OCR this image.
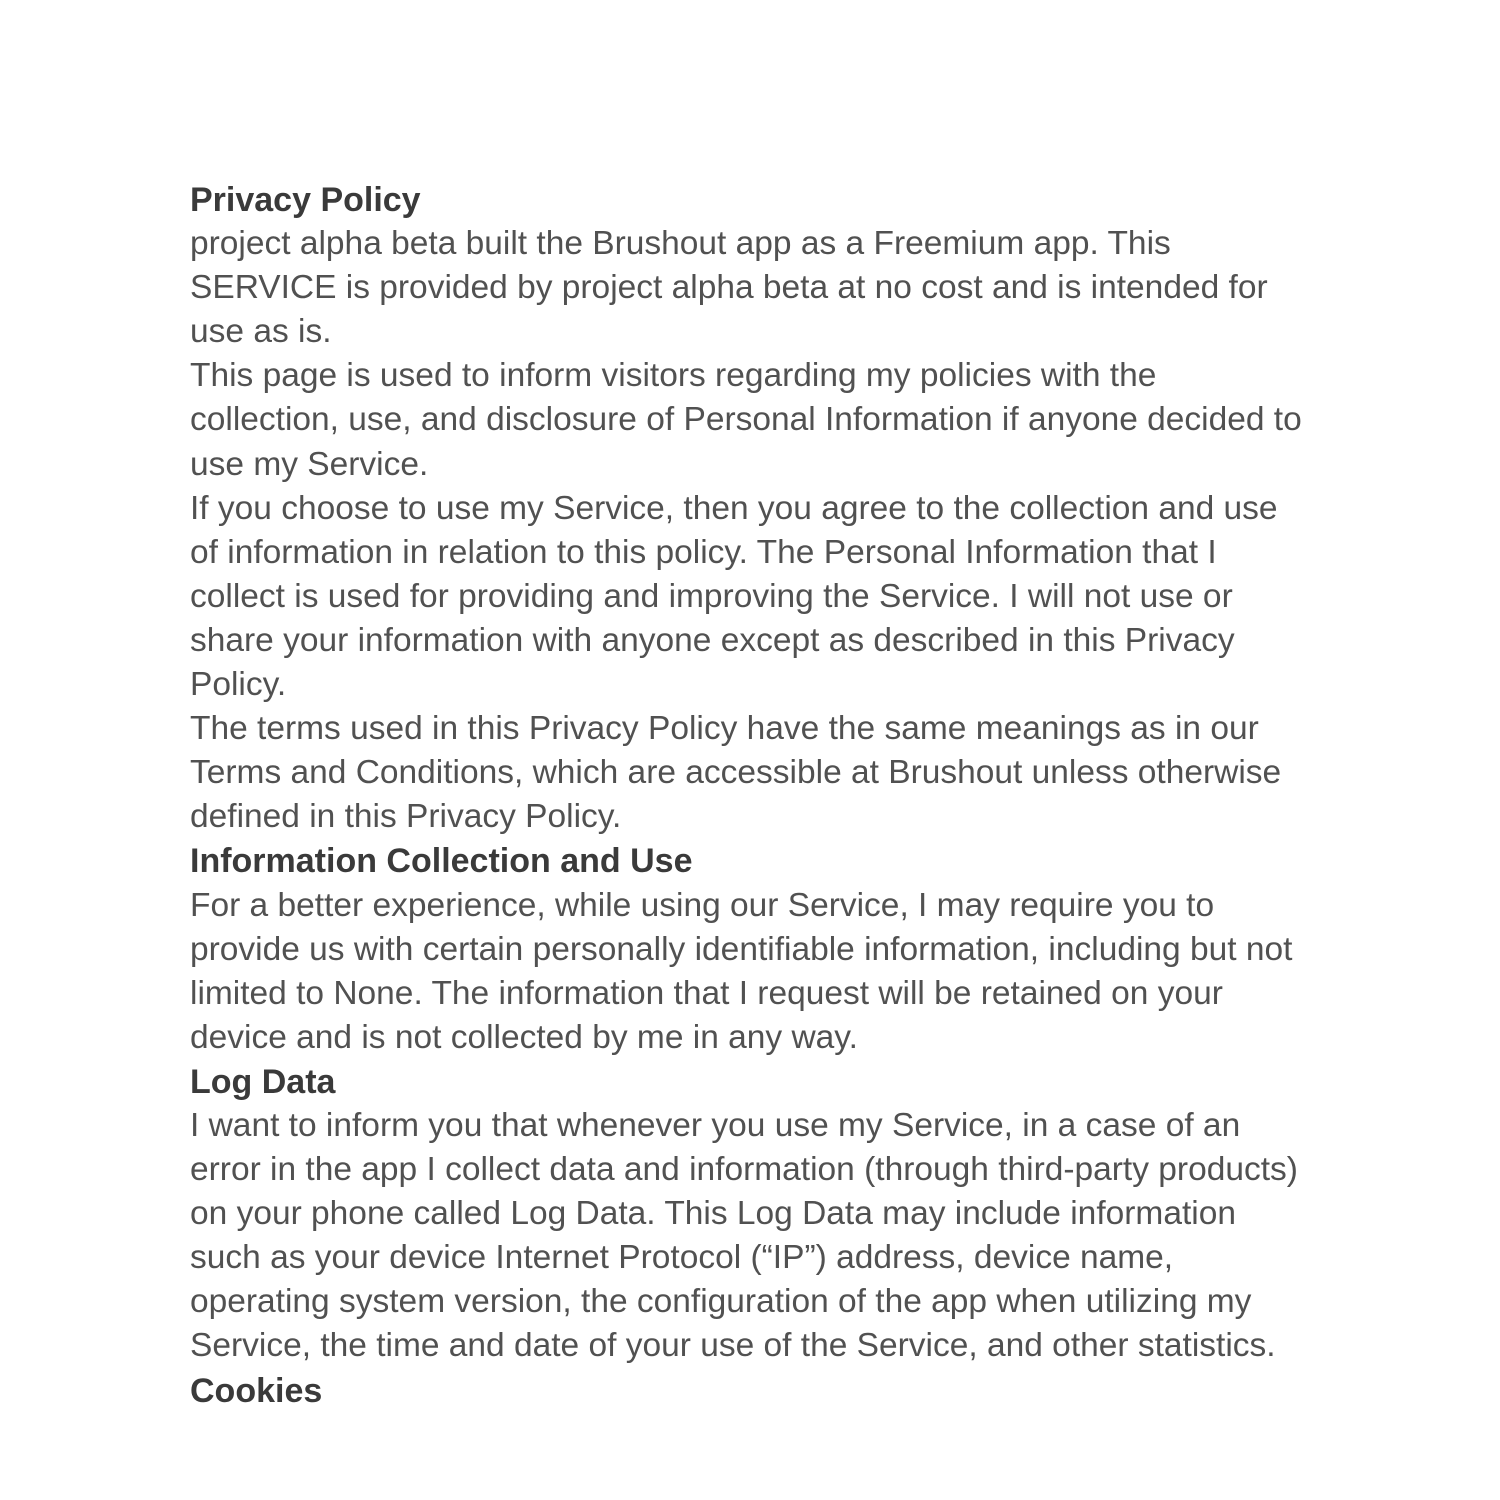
Privacy Policy

project alpha beta built the Brushout app as a Freemium app. This SERVICE is provided by project alpha beta at no cost and is intended for use as is.

This page is used to inform visitors regarding my policies with the collection, use, and disclosure of Personal Information if anyone decided to use my Service.

If you choose to use my Service, then you agree to the collection and use of information in relation to this policy. The Personal Information that I collect is used for providing and improving the Service. I will not use or share your information with anyone except as described in this Privacy Policy.

The terms used in this Privacy Policy have the same meanings as in our Terms and Conditions, which are accessible at Brushout unless otherwise defined in this Privacy Policy.

Information Collection and Use

For a better experience, while using our Service, I may require you to provide us with certain personally identifiable information, including but not limited to None. The information that I request will be retained on your device and is not collected by me in any way.

Log Data

I want to inform you that whenever you use my Service, in a case of an error in the app I collect data and information (through third-party products) on your phone called Log Data. This Log Data may include information such as your device Internet Protocol (“IP”) address, device name, operating system version, the configuration of the app when utilizing my Service, the time and date of your use of the Service, and other statistics.

Cookies
